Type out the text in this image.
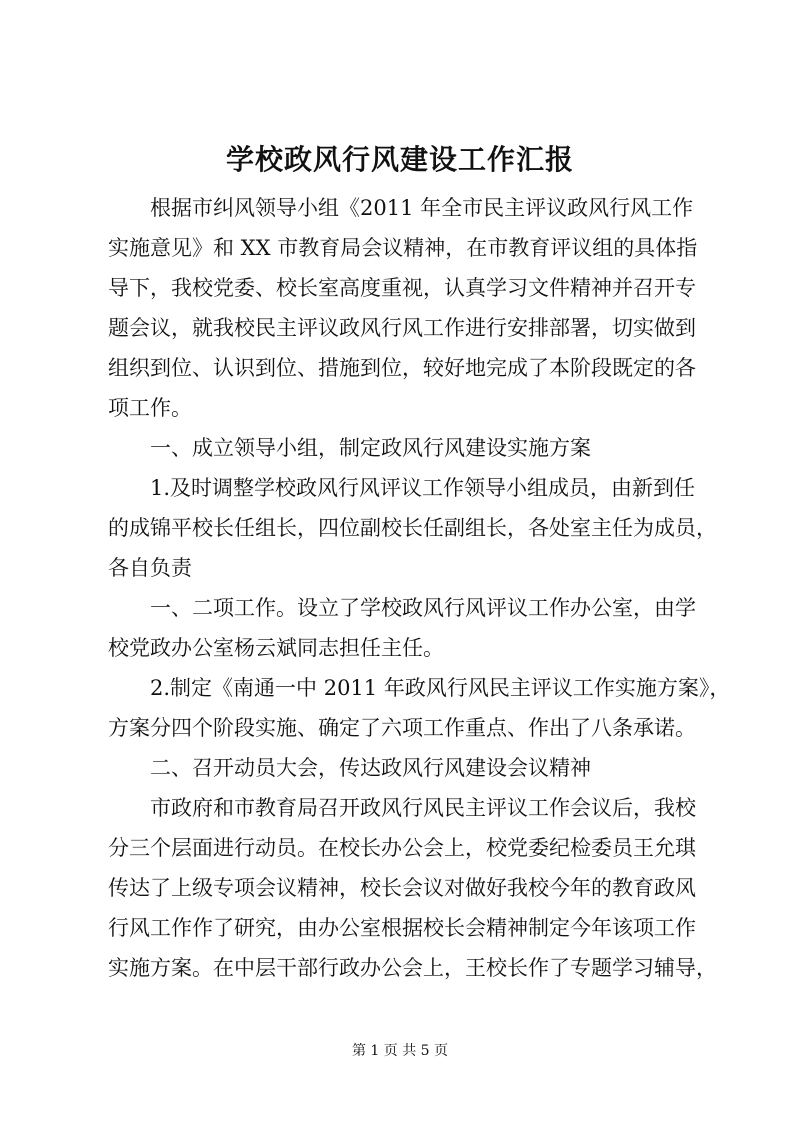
学校政风行风建设工作汇报
根据市纠风领导小组《2011 年全市民主评议政风行风工作
实施意见》和 XX 市教育局会议精神，在市教育评议组的具体指
导下，我校党委、校长室高度重视，认真学习文件精神并召开专
题会议，就我校民主评议政风行风工作进行安排部署，切实做到
组织到位、认识到位、措施到位，较好地完成了本阶段既定的各
项工作。
一、成立领导小组，制定政风行风建设实施方案
1.及时调整学校政风行风评议工作领导小组成员，由新到任
的成锦平校长任组长，四位副校长任副组长，各处室主任为成员，
各自负责
一、二项工作。设立了学校政风行风评议工作办公室，由学
校党政办公室杨云斌同志担任主任。
2.制定《南通一中 2011 年政风行风民主评议工作实施方案》，
方案分四个阶段实施、确定了六项工作重点、作出了八条承诺。
二、召开动员大会，传达政风行风建设会议精神
市政府和市教育局召开政风行风民主评议工作会议后，我校
分三个层面进行动员。在校长办公会上，校党委纪检委员王允琪
传达了上级专项会议精神，校长会议对做好我校今年的教育政风
行风工作作了研究，由办公室根据校长会精神制定今年该项工作
实施方案。在中层干部行政办公会上，王校长作了专题学习辅导，
第 1 页 共 5 页
